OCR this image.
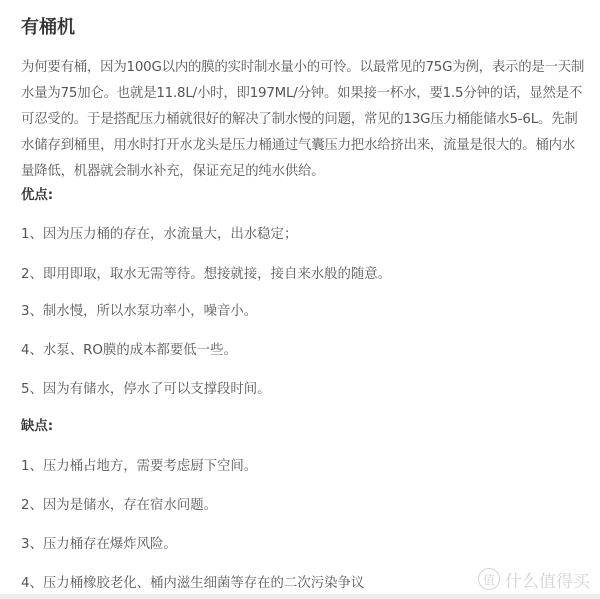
有桶机

为何要有桶，因为100G以内的膜的实时制水量小的可怜。以最常见的75G为例，表示的是一天制水量为75加仑。也就是11.8L/小时，即197ML/分钟。如果接一杯水，要1.5分钟的话，显然是不可忍受的。于是搭配压力桶就很好的解决了制水慢的问题，常见的13G压力桶能储水5-6L。先制水储存到桶里，用水时打开水龙头是压力桶通过气囊压力把水给挤出来，流量是很大的。桶内水量降低，机器就会制水补充，保证充足的纯水供给。

优点:

1、因为压力桶的存在，水流量大，出水稳定；

2、即用即取，取水无需等待。想接就接，接自来水般的随意。

3、制水慢，所以水泵功率小，噪音小。

4、水泵、RO膜的成本都要低一些。

5、因为有储水，停水了可以支撑段时间。

缺点:

1、压力桶占地方，需要考虑厨下空间。

2、因为是储水，存在宿水问题。

3、压力桶存在爆炸风险。

4、压力桶橡胶老化、桶内滋生细菌等存在的二次污染争议	值 什么值得买
